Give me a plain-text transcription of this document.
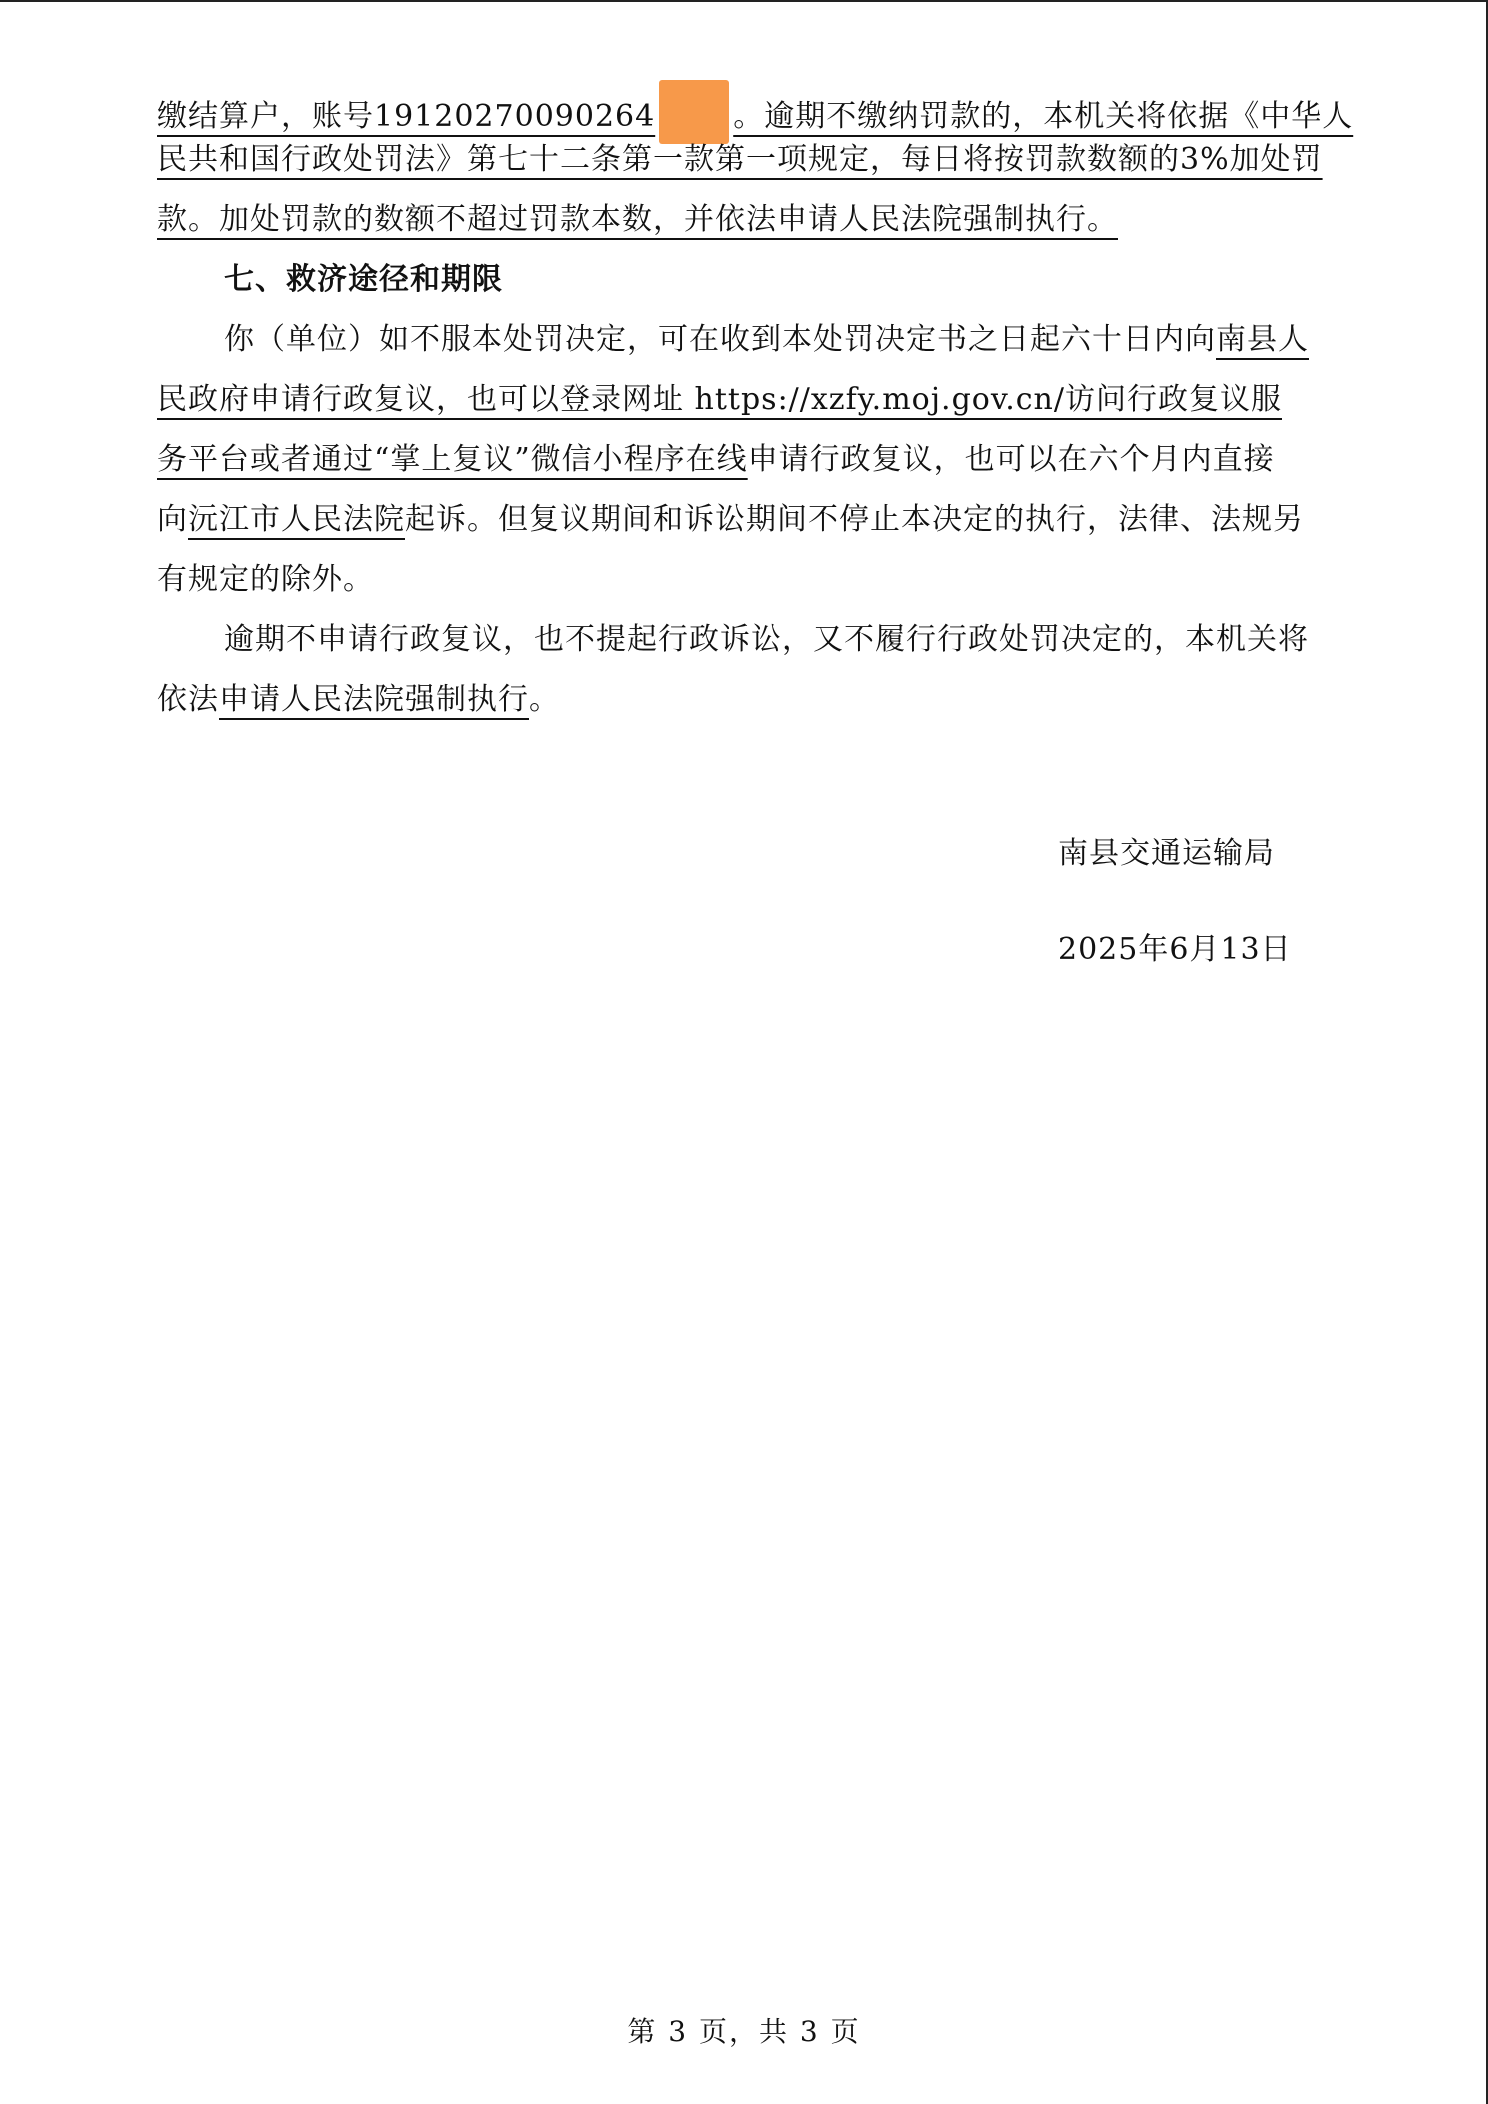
缴结算户，账号19120270090264	。逾期不缴纳罚款的，本机关将依据《中华人
民共和国行政处罚法》第七十二条第一款第一项规定，每日将按罚款数额的3%加处罚
款。加处罚款的数额不超过罚款本数，并依法申请人民法院强制执行。
七、救济途径和期限
你（单位）如不服本处罚决定，可在收到本处罚决定书之日起六十日内向南县人
民政府申请行政复议，也可以登录网址 https://xzfy.moj.gov.cn/访问行政复议服
务平台或者通过“掌上复议”微信小程序在线申请行政复议，也可以在六个月内直接
向沅江市人民法院起诉。但复议期间和诉讼期间不停止本决定的执行，法律、法规另
有规定的除外。
逾期不申请行政复议，也不提起行政诉讼，又不履行行政处罚决定的，本机关将
依法申请人民法院强制执行。
南县交通运输局
2025年6月13日
第 3 页，共 3 页
